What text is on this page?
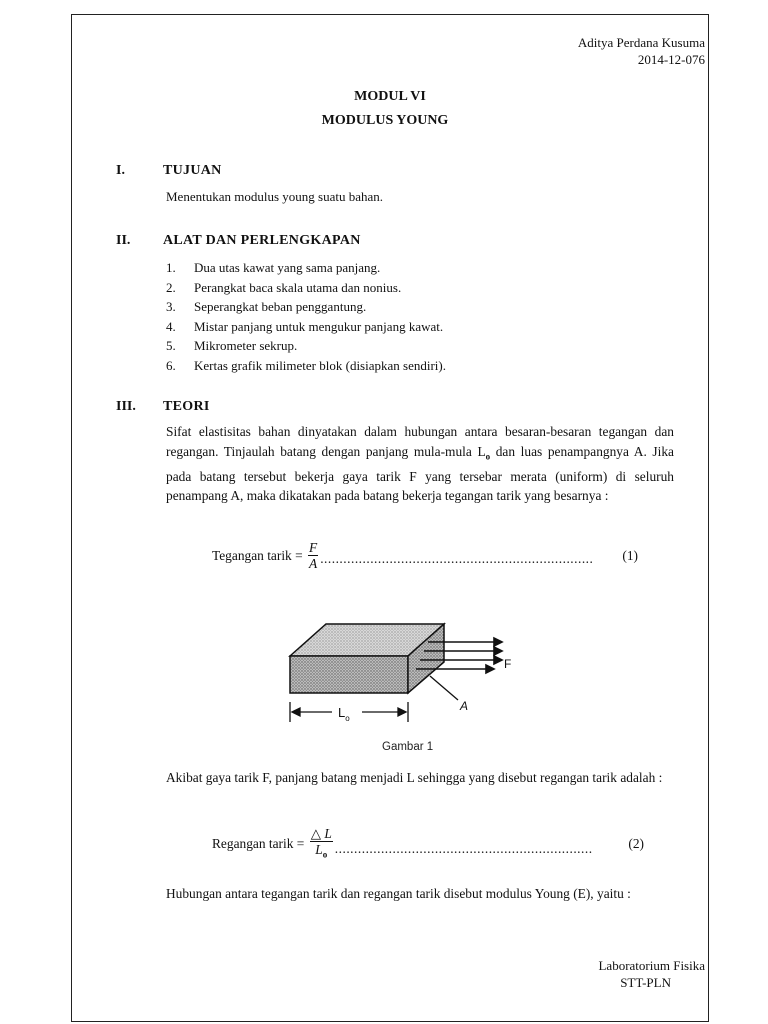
Aditya Perdana Kusuma
2014-12-076
MODUL VI
MODULUS YOUNG
I.	TUJUAN
Menentukan modulus young suatu bahan.
II. ALAT DAN PERLENGKAPAN
1.	Dua utas kawat yang sama panjang.
2.	Perangkat baca skala utama dan nonius.
3.	Seperangkat beban penggantung.
4.	Mistar panjang untuk mengukur panjang kawat.
5.	Mikrometer sekrup.
6.	Kertas grafik milimeter blok (disiapkan sendiri).
III. TEORI
Sifat elastisitas bahan dinyatakan dalam hubungan antara besaran-besaran tegangan dan regangan. Tinjaulah batang dengan panjang mula-mula $L_o$ dan luas penampangnya A. Jika pada batang tersebut bekerja gaya tarik F yang tersebar merata (uniform) di seluruh penampang A, maka dikatakan pada batang bekerja tegangan tarik yang besarnya :
Tegangan tarik = $\frac{F}{A}$ .......................................................................	(1)
F
A
$L_o$
Gambar 1
Akibat gaya tarik F, panjang batang menjadi L sehingga yang disebut regangan tarik adalah :
Regangan tarik = $\frac{\triangle L}{L_o}$ ...................................................................	(2)
Hubungan antara tegangan tarik dan regangan tarik disebut modulus Young (E), yaitu :
Laboratorium Fisika
STT-PLN
